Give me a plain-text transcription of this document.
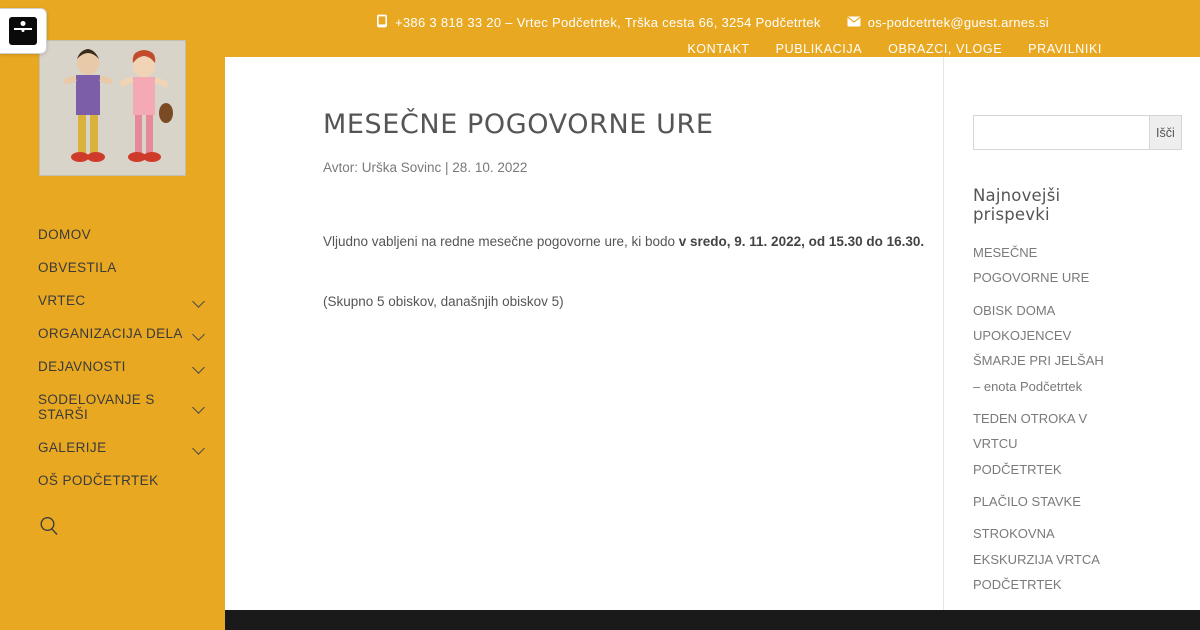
DOMOV
OBVESTILA
VRTEC
ORGANIZACIJA DELA
DEJAVNOSTI
SODELOVANJE S STARŠI
GALERIJE
OŠ PODČETRTEK
+386 3 818 33 20 – Vrtec Podčetrtek, Trška cesta 66, 3254 Podčetrtek	os-podcetrtek@guest.arnes.si
KONTAKT PUBLIKACIJA OBRAZCI, VLOGE PRAVILNIKI
MESEČNE POGOVORNE URE
Avtor: Urška Sovinc | 28. 10. 2022

Vljudno vabljeni na redne mesečne pogovorne ure, ki bodo v sredo, 9. 11. 2022, od 15.30 do 16.30.

(Skupno 5 obiskov, današnjih obiskov 5)
Išči
Najnovejši prispevki
MESEČNE POGOVORNE URE
OBISK DOMA UPOKOJENCEV ŠMARJE PRI JELŠAH – enota Podčetrtek
TEDEN OTROKA V VRTCU PODČETRTEK
PLAČILO STAVKE
STROKOVNA EKSKURZIJA VRTCA PODČETRTEK
